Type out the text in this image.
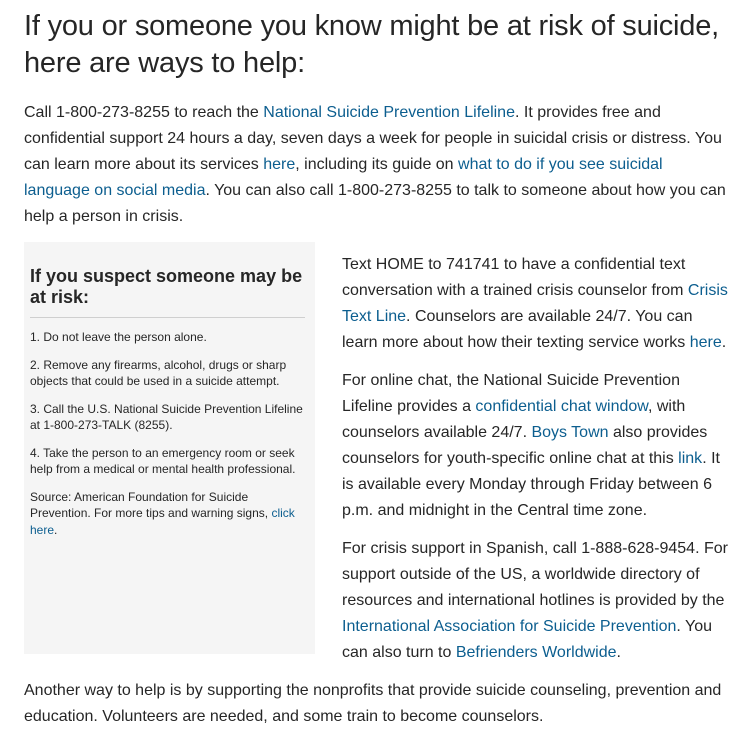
If you or someone you know might be at risk of suicide, here are ways to help:

Call 1-800-273-8255 to reach the National Suicide Prevention Lifeline. It provides free and confidential support 24 hours a day, seven days a week for people in suicidal crisis or distress. You can learn more about its services here, including its guide on what to do if you see suicidal language on social media. You can also call 1-800-273-8255 to talk to someone about how you can help a person in crisis.

If you suspect someone may be at risk:

1. Do not leave the person alone.

2. Remove any firearms, alcohol, drugs or sharp objects that could be used in a suicide attempt.

3. Call the U.S. National Suicide Prevention Lifeline at 1-800-273-TALK (8255).

4. Take the person to an emergency room or seek help from a medical or mental health professional.

Source: American Foundation for Suicide Prevention. For more tips and warning signs, click here.

Text HOME to 741741 to have a confidential text conversation with a trained crisis counselor from Crisis Text Line. Counselors are available 24/7. You can learn more about how their texting service works here.

For online chat, the National Suicide Prevention Lifeline provides a confidential chat window, with counselors available 24/7. Boys Town also provides counselors for youth-specific online chat at this link. It is available every Monday through Friday between 6 p.m. and midnight in the Central time zone.

For crisis support in Spanish, call 1-888-628-9454. For support outside of the US, a worldwide directory of resources and international hotlines is provided by the International Association for Suicide Prevention. You can also turn to Befrienders Worldwide.

Another way to help is by supporting the nonprofits that provide suicide counseling, prevention and education. Volunteers are needed, and some train to become counselors.
